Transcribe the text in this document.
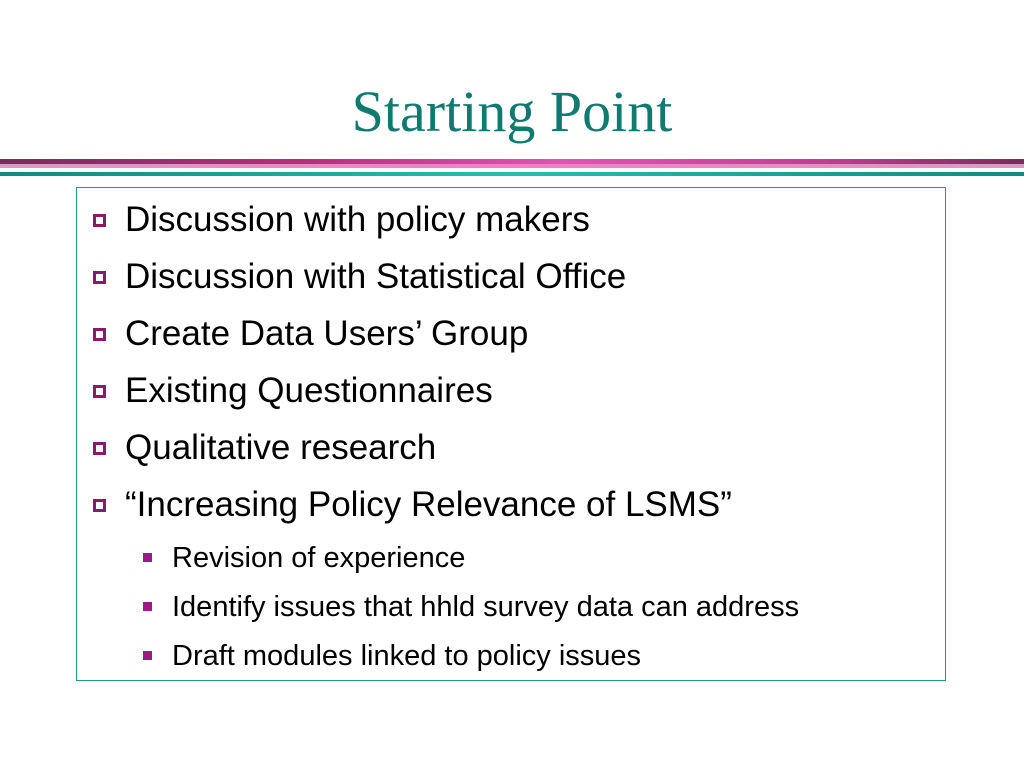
Starting Point
Discussion with policy makers
Discussion with Statistical Office
Create Data Users’ Group
Existing Questionnaires
Qualitative research
“Increasing Policy Relevance of LSMS”
Revision of experience
Identify issues that hhld survey data can address
Draft modules linked to policy issues
